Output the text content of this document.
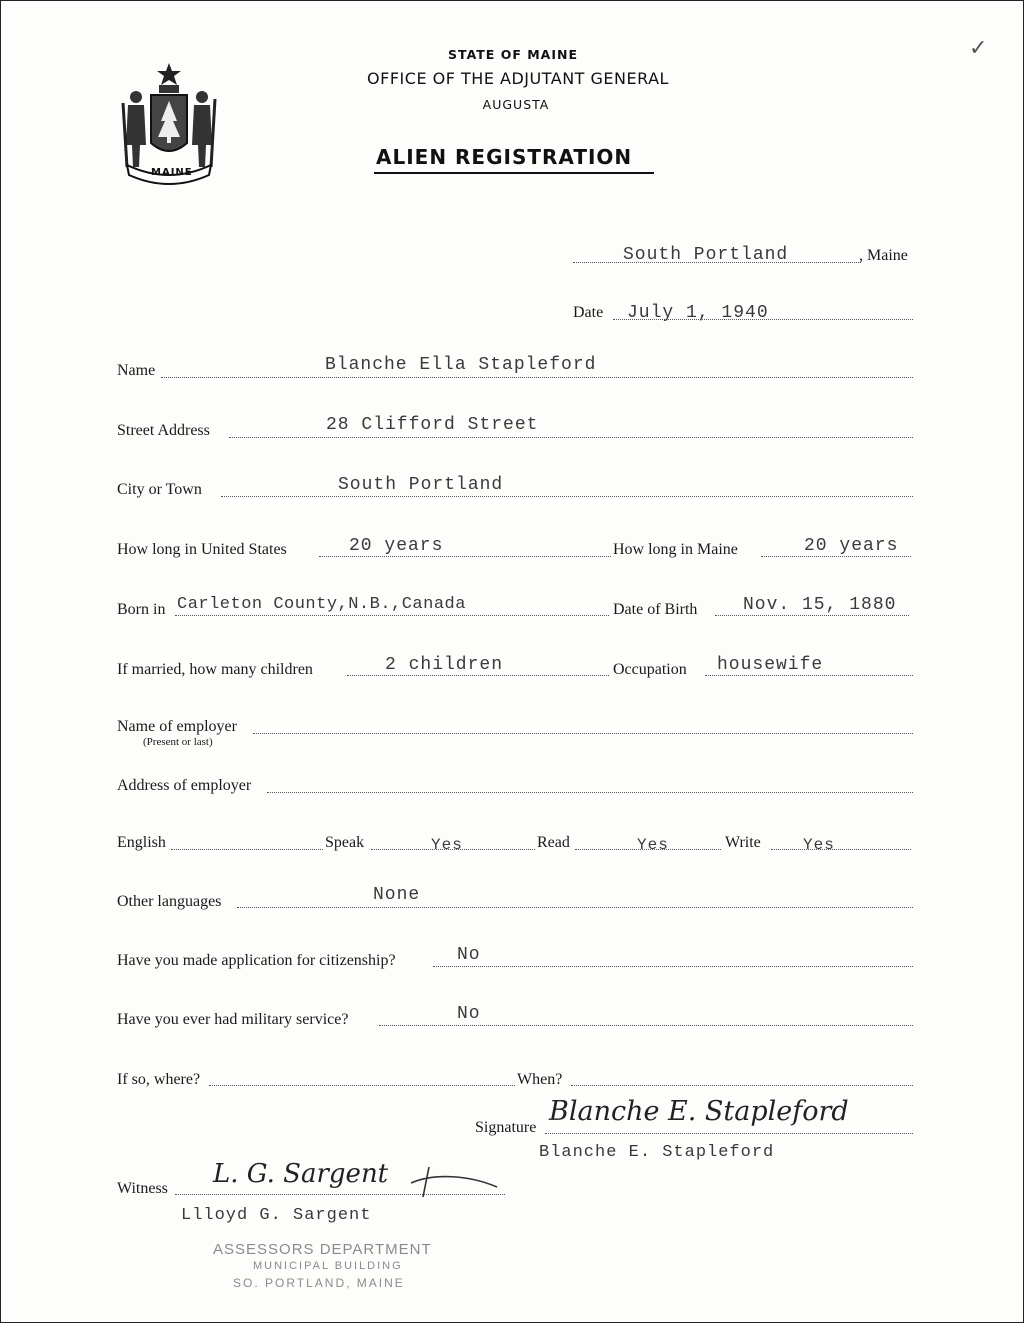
MAINE
✓
STATE OF MAINE
OFFICE OF THE ADJUTANT GENERAL
AUGUSTA
ALIEN REGISTRATION
South Portland	, Maine
Date July 1, 1940
Name	Blanche Ella Stapleford
Street Address	28 Clifford Street
City or Town	South Portland
How long in United States	20 years	How long in Maine	20 years
Born in Carleton County,N.B.,Canada	Date of Birth	Nov. 15, 1880
If married, how many children	2 children	Occupation housewife
Name of employer
(Present or last)
Address of employer
English	Speak	Yes	Read	Yes	Write	Yes
Other languages	None
Have you made application for citizenship?	No
Have you ever had military service?	No
If so, where?	When?
Signature
Blanche E. Stapleford
Blanche E. Stapleford
Witness L. G. Sargent
Llloyd G. Sargent
ASSESSORS DEPARTMENT
MUNICIPAL BUILDING
SO. PORTLAND, MAINE
